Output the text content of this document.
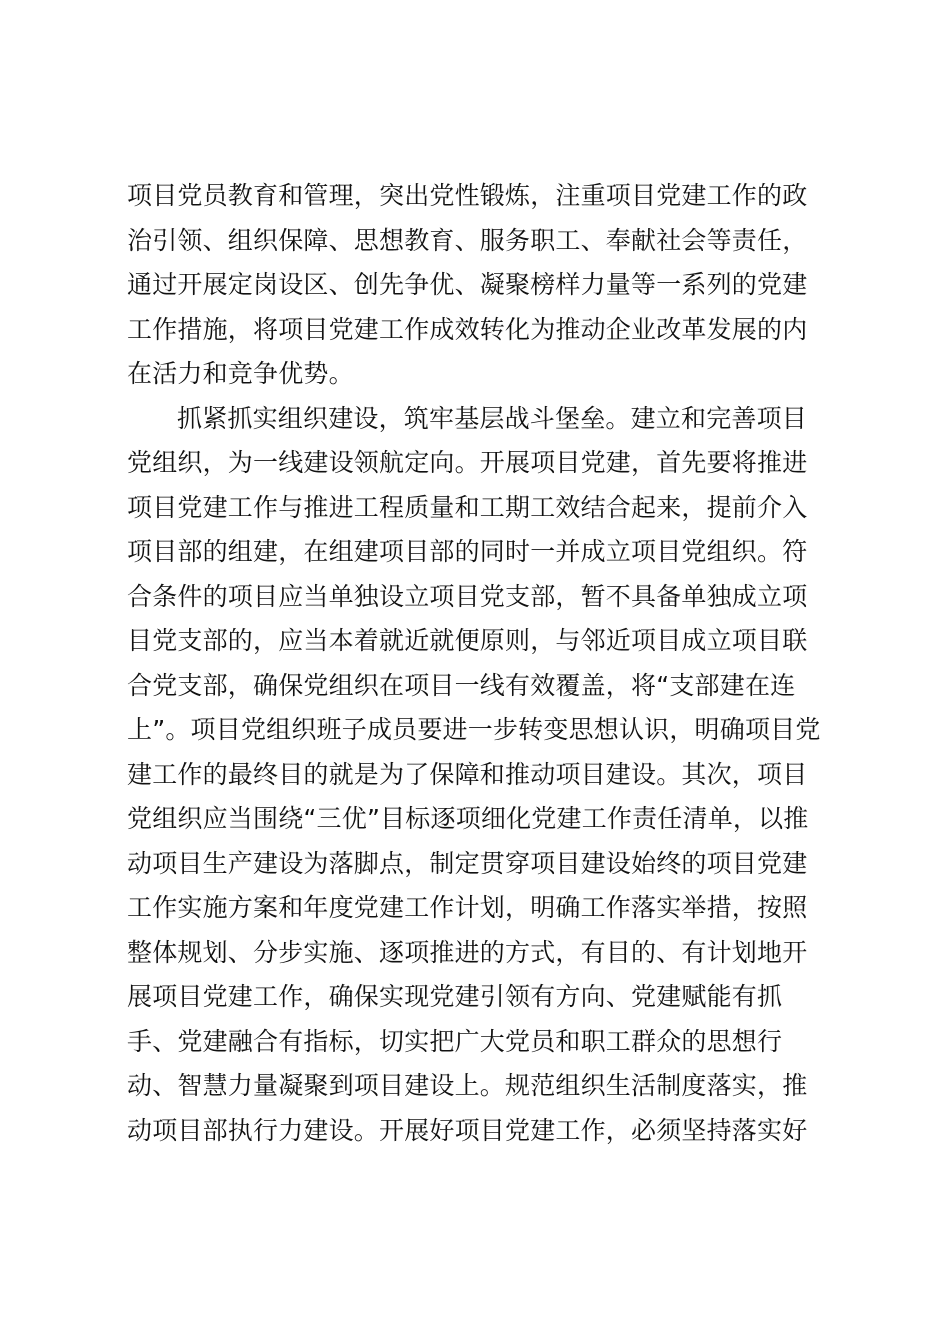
项目党员教育和管理，突出党性锻炼，注重项目党建工作的政
治引领、组织保障、思想教育、服务职工、奉献社会等责任，
通过开展定岗设区、创先争优、凝聚榜样力量等一系列的党建
工作措施，将项目党建工作成效转化为推动企业改革发展的内
在活力和竞争优势。
抓紧抓实组织建设，筑牢基层战斗堡垒。建立和完善项目
党组织，为一线建设领航定向。开展项目党建，首先要将推进
项目党建工作与推进工程质量和工期工效结合起来，提前介入
项目部的组建，在组建项目部的同时一并成立项目党组织。符
合条件的项目应当单独设立项目党支部，暂不具备单独成立项
目党支部的，应当本着就近就便原则，与邻近项目成立项目联
合党支部，确保党组织在项目一线有效覆盖，将“支部建在连
上”。项目党组织班子成员要进一步转变思想认识，明确项目党
建工作的最终目的就是为了保障和推动项目建设。其次，项目
党组织应当围绕“三优”目标逐项细化党建工作责任清单，以推
动项目生产建设为落脚点，制定贯穿项目建设始终的项目党建
工作实施方案和年度党建工作计划，明确工作落实举措，按照
整体规划、分步实施、逐项推进的方式，有目的、有计划地开
展项目党建工作，确保实现党建引领有方向、党建赋能有抓
手、党建融合有指标，切实把广大党员和职工群众的思想行
动、智慧力量凝聚到项目建设上。规范组织生活制度落实，推
动项目部执行力建设。开展好项目党建工作，必须坚持落实好
